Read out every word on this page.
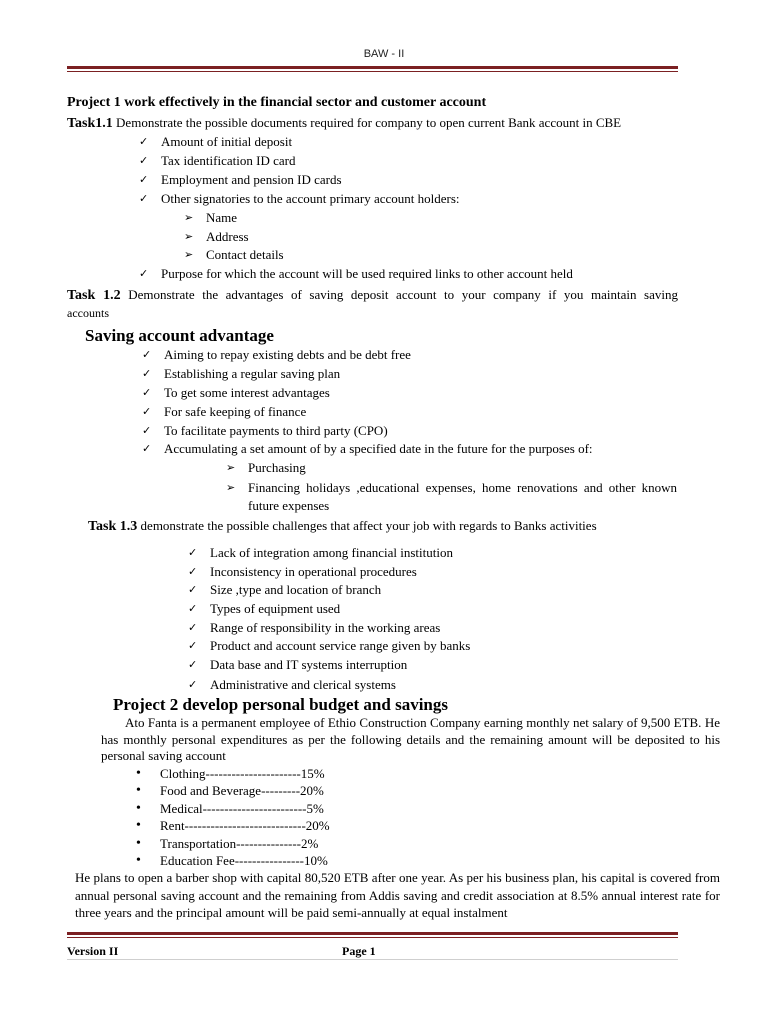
BAW - II
Project 1 work effectively in the financial sector and customer account
Task1.1 Demonstrate the possible documents required for company to open current Bank account in CBE
✓ Amount of initial deposit
✓ Tax identification ID card
✓ Employment and pension ID cards
✓ Other signatories to the account primary account holders:
➢ Name
➢ Address
➢ Contact details
✓ Purpose for which the account will be used required links to other account held
Task 1.2 Demonstrate the advantages of saving deposit account to your company if you maintain saving
accounts
Saving account advantage
✓ Aiming to repay existing debts and be debt free
✓ Establishing a regular saving plan
✓ To get some interest advantages
✓ For safe keeping of finance
✓ To facilitate payments to third party (CPO)
✓ Accumulating a set amount of by a specified date in the future for the purposes of:
➢ Purchasing
➢ Financing holidays ,educational expenses, home renovations and other known future expenses
Task 1.3 demonstrate the possible challenges that affect your job with regards to Banks activities
✓ Lack of integration among financial institution
✓ Inconsistency in operational procedures
✓ Size ,type and location of branch
✓ Types of equipment used
✓ Range of responsibility in the working areas
✓ Product and account service range given by banks
✓ Data base and IT systems interruption
✓ Administrative and clerical systems
Project 2 develop personal budget and savings
Ato Fanta is a permanent employee of Ethio Construction Company earning monthly net salary of 9,500 ETB. He has monthly personal expenditures as per the following details and the remaining amount will be deposited to his personal saving account
• Clothing----------------------15%
• Food and Beverage---------20%
• Medical------------------------5%
• Rent----------------------------20%
• Transportation---------------2%
• Education Fee----------------10%
He plans to open a barber shop with capital 80,520 ETB after one year. As per his business plan, his capital is covered from annual personal saving account and the remaining from Addis saving and credit association at 8.5% annual interest rate for three years and the principal amount will be paid semi-annually at equal instalment
Version II	Page 1
